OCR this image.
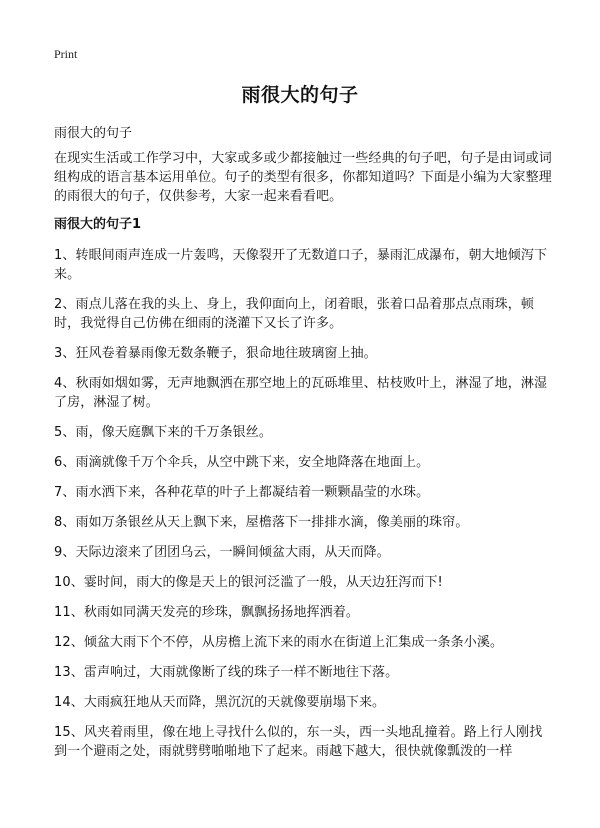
Print
雨很大的句子
雨很大的句子
在现实生活或工作学习中，大家或多或少都接触过一些经典的句子吧，句子是由词或词组构成的语言基本运用单位。句子的类型有很多，你都知道吗？下面是小编为大家整理的雨很大的句子，仅供参考，大家一起来看看吧。
雨很大的句子1
1、转眼间雨声连成一片轰鸣，天像裂开了无数道口子，暴雨汇成瀑布，朝大地倾泻下来。
2、雨点儿落在我的头上、身上，我仰面向上，闭着眼，张着口品着那点点雨珠，顿时，我觉得自己仿佛在细雨的浇灌下又长了许多。
3、狂风卷着暴雨像无数条鞭子，狠命地往玻璃窗上抽。
4、秋雨如烟如雾，无声地飘洒在那空地上的瓦砾堆里、枯枝败叶上，淋湿了地，淋湿了房，淋湿了树。
5、雨，像天庭飘下来的千万条银丝。
6、雨滴就像千万个伞兵，从空中跳下来，安全地降落在地面上。
7、雨水洒下来，各种花草的叶子上都凝结着一颗颗晶莹的水珠。
8、雨如万条银丝从天上飘下来，屋檐落下一排排水滴，像美丽的珠帘。
9、天际边滚来了团团乌云，一瞬间倾盆大雨，从天而降。
10、霎时间，雨大的像是天上的银河泛滥了一般，从天边狂泻而下!
11、秋雨如同满天发亮的珍珠，飘飘扬扬地挥洒着。
12、倾盆大雨下个不停，从房檐上流下来的雨水在街道上汇集成一条条小溪。
13、雷声响过，大雨就像断了线的珠子一样不断地往下落。
14、大雨疯狂地从天而降，黑沉沉的天就像要崩塌下来。
15、风夹着雨里，像在地上寻找什么似的，东一头，西一头地乱撞着。路上行人刚找到一个避雨之处，雨就劈劈啪啪地下了起来。雨越下越大，很快就像瓢泼的一样
